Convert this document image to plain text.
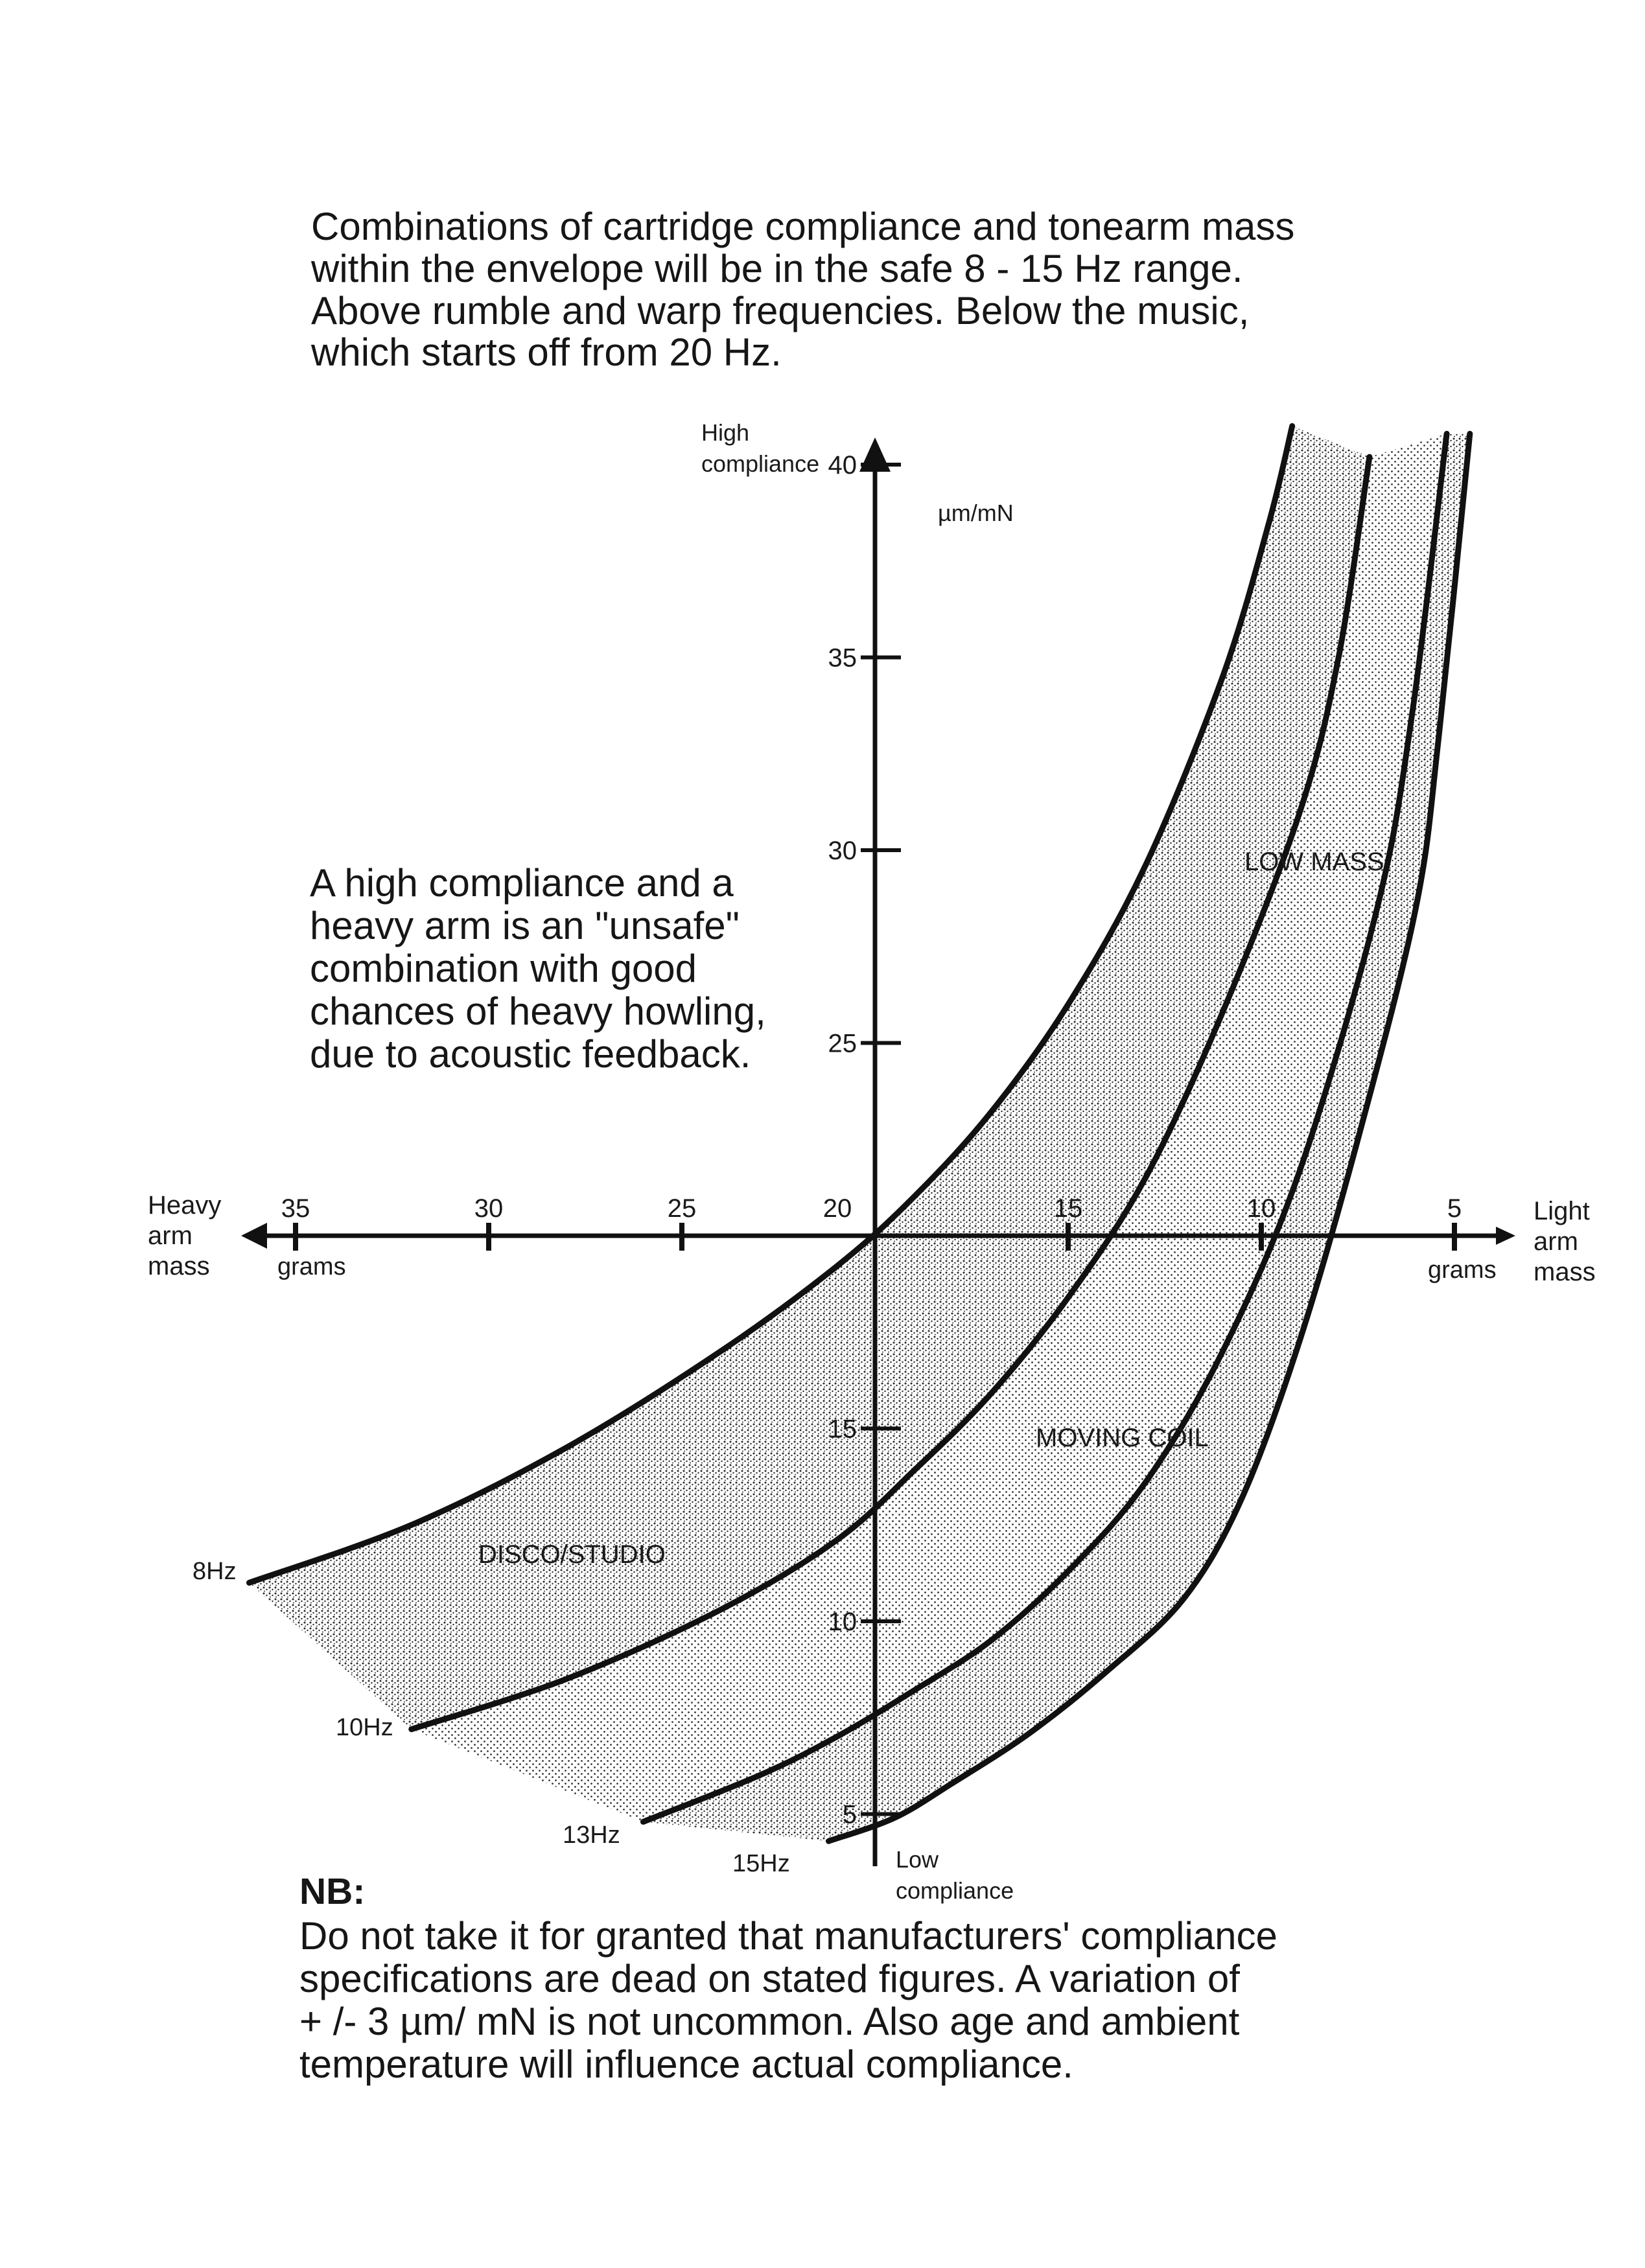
Combinations of cartridge compliance and tonearm mass
within the envelope will be in the safe 8 - 15 Hz range.
Above rumble and warp frequencies. Below the music,
which starts off from 20 Hz.
35	30	25	20	15	10	5
5
10
15
25
30
35
40
High
compliance
µm/mN
Low
compliance
Heavy
arm
mass	grams
Light
arm
mass
grams
8Hz
10Hz
13Hz
15Hz
LOW MASS
MOVING COIL
DISCO/STUDIO
A high compliance and a
heavy arm is an "unsafe"
combination with good
chances of heavy howling,
due to acoustic feedback.
NB:
Do not take it for granted that manufacturers' compliance
specifications are dead on stated figures. A variation of
+ /- 3 µm/ mN is not uncommon. Also age and ambient
temperature will influence actual compliance.
